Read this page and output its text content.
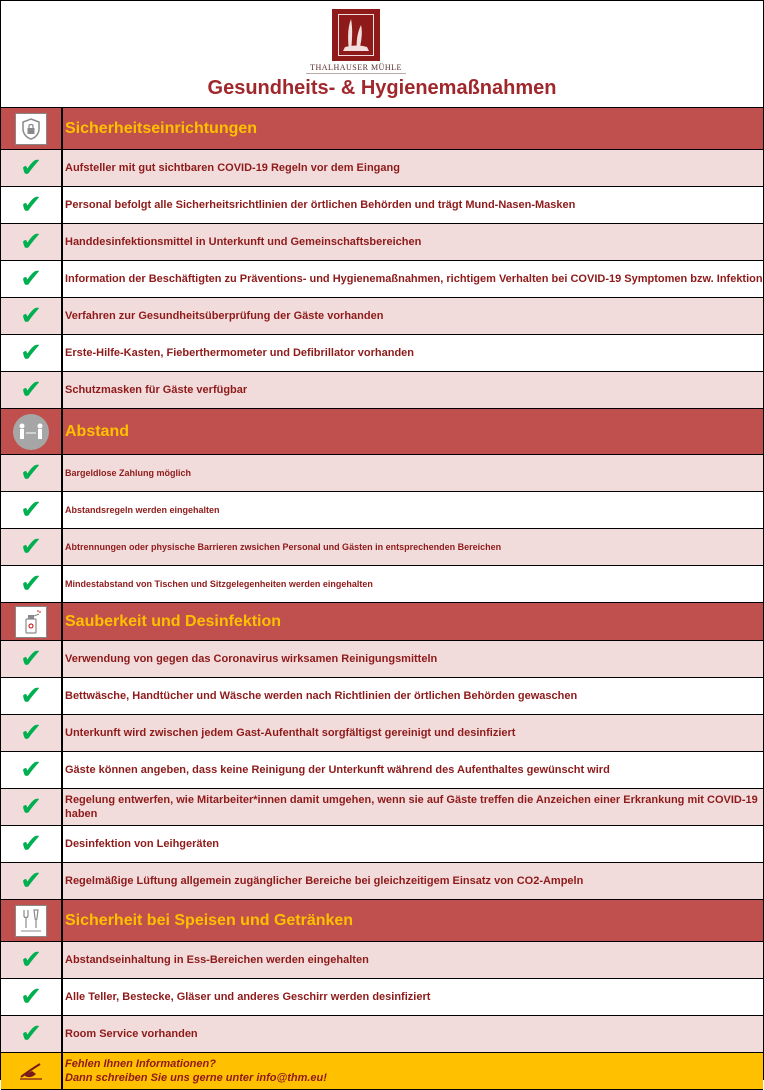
THALHAUSER MÜHLE
Gesundheits- & Hygienemaßnahmen
Sicherheitseinrichtungen
✔ Aufsteller mit gut sichtbaren COVID-19 Regeln vor dem Eingang
✔ Personal befolgt alle Sicherheitsrichtlinien der örtlichen Behörden und trägt Mund-Nasen-Masken
✔ Handdesinfektionsmittel in Unterkunft und Gemeinschaftsbereichen
✔ Information der Beschäftigten zu Präventions- und Hygienemaßnahmen, richtigem Verhalten bei COVID-19 Symptomen bzw. Infektion
✔ Verfahren zur Gesundheitsüberprüfung der Gäste vorhanden
✔ Erste-Hilfe-Kasten, Fieberthermometer und Defibrillator vorhanden
✔ Schutzmasken für Gäste verfügbar
Abstand
✔	Bargeldlose Zahlung möglich
✔	Abstandsregeln werden eingehalten
✔	Abtrennungen oder physische Barrieren zwsichen Personal und Gästen in entsprechenden Bereichen
✔	Mindestabstand von Tischen und Sitzgelegenheiten werden eingehalten
Sauberkeit und Desinfektion
✔ Verwendung von gegen das Coronavirus wirksamen Reinigungsmitteln
✔ Bettwäsche, Handtücher und Wäsche werden nach Richtlinien der örtlichen Behörden gewaschen
✔ Unterkunft wird zwischen jedem Gast-Aufenthalt sorgfältigst gereinigt und desinfiziert
✔ Gäste können angeben, dass keine Reinigung der Unterkunft während des Aufenthaltes gewünscht wird
✔ Regelung entwerfen, wie Mitarbeiter*innen damit umgehen, wenn sie auf Gäste treffen die Anzeichen einer Erkrankung mit COVID-19 haben
✔ Desinfektion von Leihgeräten
✔ Regelmäßige Lüftung allgemein zugänglicher Bereiche bei gleichzeitigem Einsatz von CO2-Ampeln
Sicherheit bei Speisen und Getränken
✔ Abstandseinhaltung in Ess-Bereichen werden eingehalten
✔ Alle Teller, Bestecke, Gläser und anderes Geschirr werden desinfiziert
✔ Room Service vorhanden
Fehlen Ihnen Informationen?
Dann schreiben Sie uns gerne unter info@thm.eu!
